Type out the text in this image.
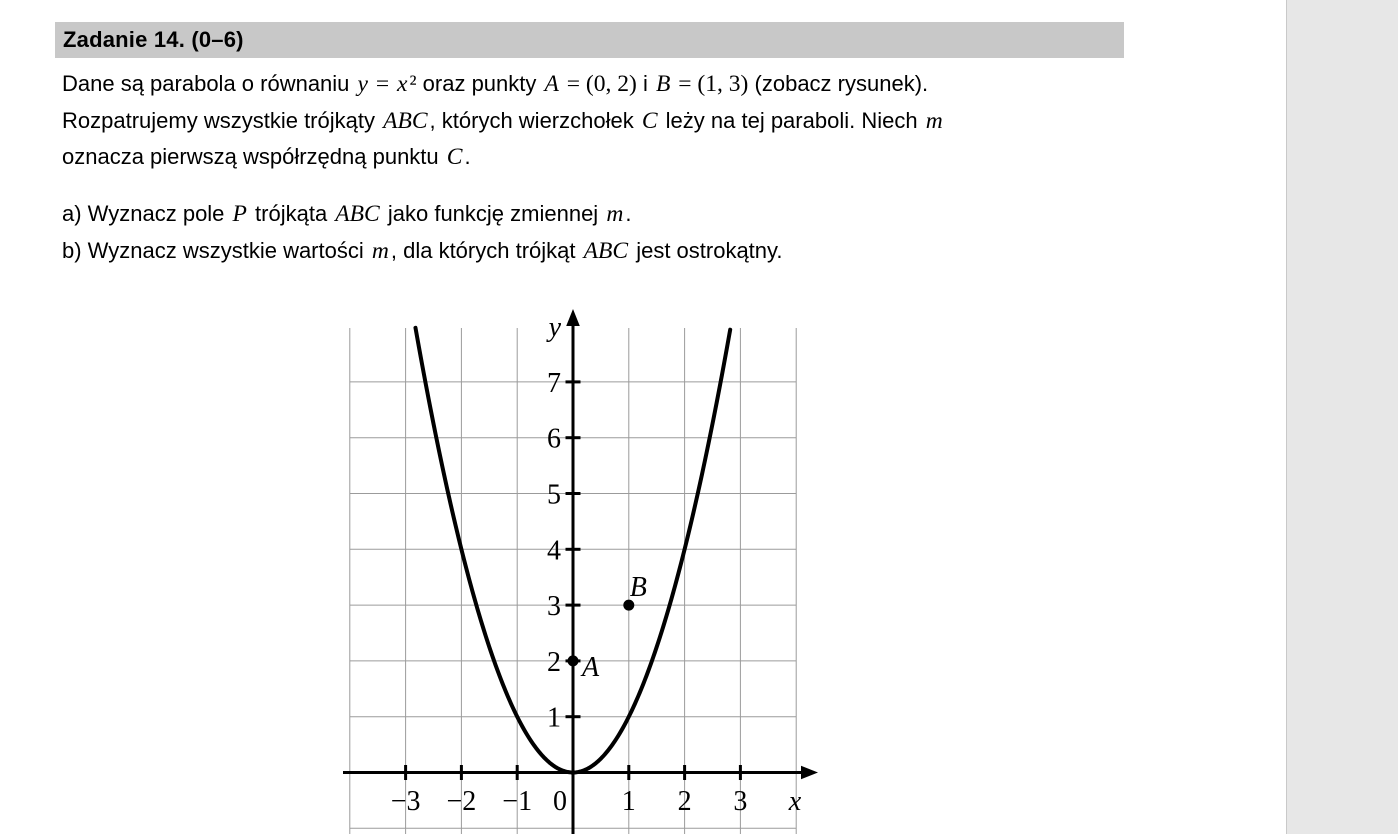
Zadanie 14. (0–6)

Dane są parabola o równaniu y = x² oraz punkty A = (0, 2) i B = (1, 3) (zobacz rysunek).

Rozpatrujemy wszystkie trójkąty ABC, których wierzchołek C leży na tej paraboli. Niech m

oznacza pierwszą współrzędną punktu C.

a) Wyznacz pole P trójkąta ABC jako funkcję zmiennej m.

b) Wyznacz wszystkie wartości m, dla których trójkąt ABC jest ostrokątny.

−3 −2 −1	1 2 3
1
2
3
4
5
6
7
0	x
y
A
B
